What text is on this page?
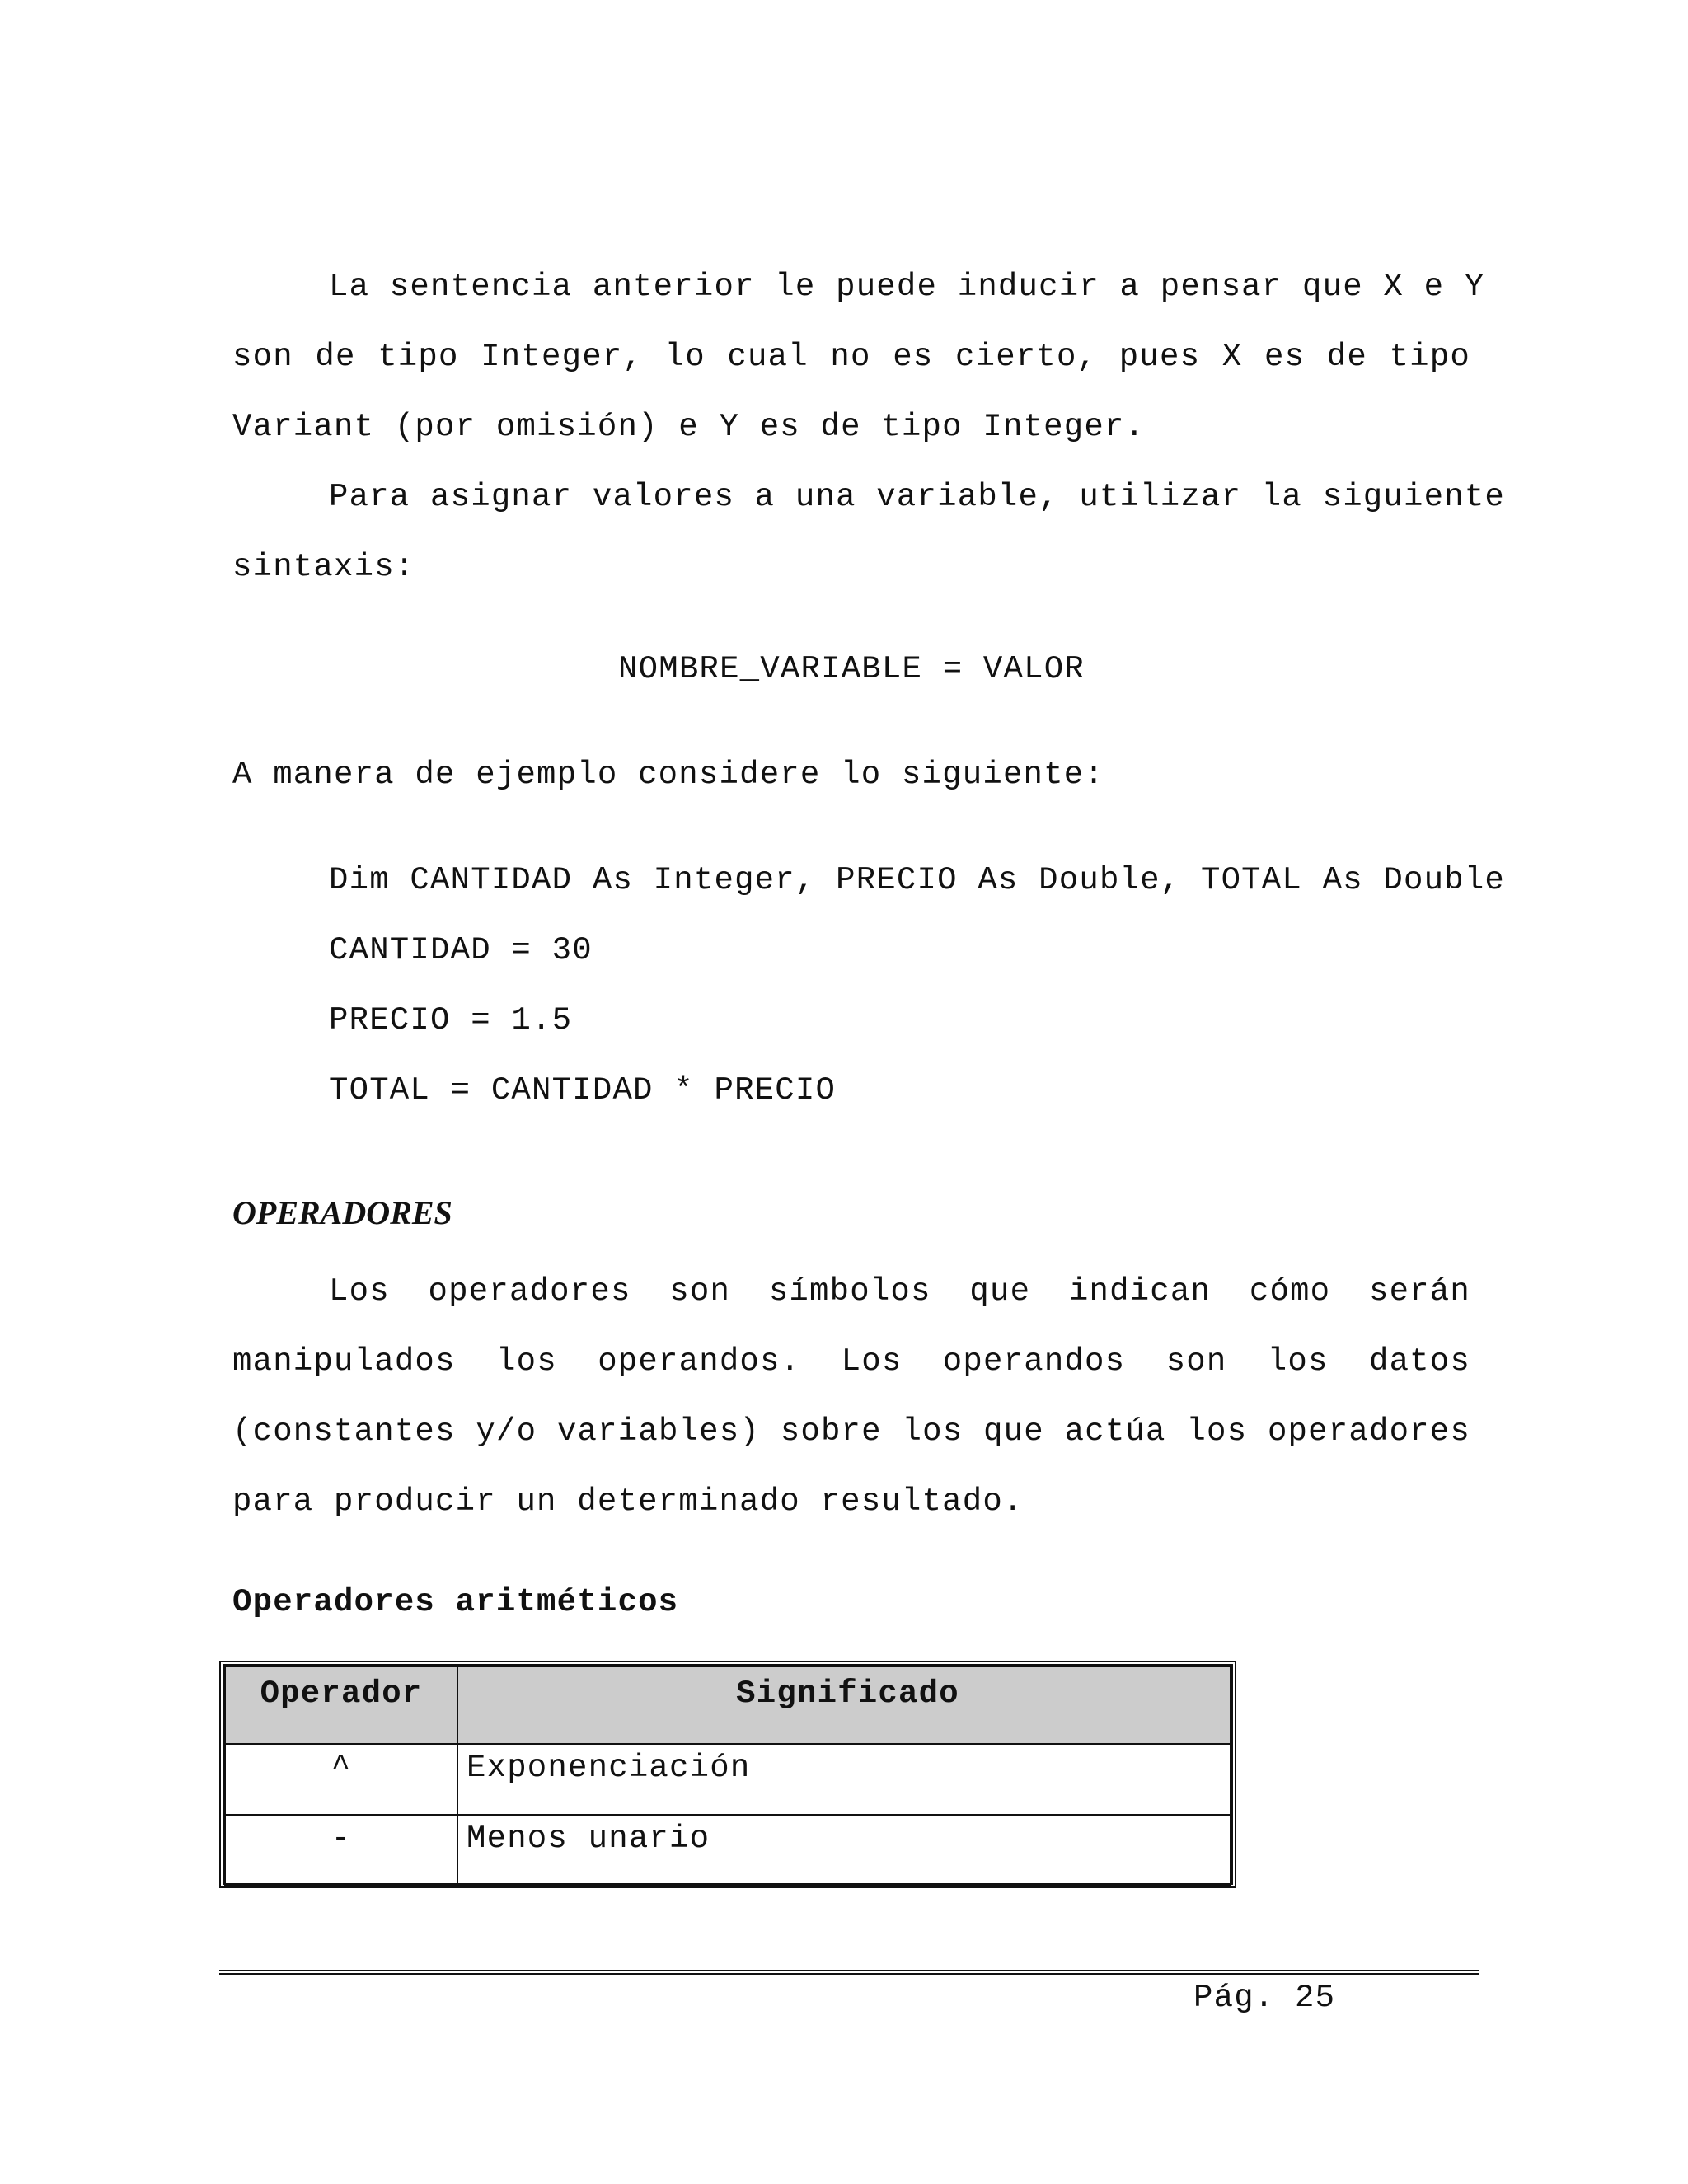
La sentencia anterior le puede inducir a pensar que X e Y
son de tipo Integer, lo cual no es cierto, pues X es de tipo
Variant (por omisión) e Y es de tipo Integer.
Para asignar valores a una variable, utilizar la siguiente
sintaxis:
NOMBRE_VARIABLE = VALOR
A manera de ejemplo considere lo siguiente:
Dim CANTIDAD As Integer, PRECIO As Double, TOTAL As Double
CANTIDAD = 30
PRECIO = 1.5
TOTAL = CANTIDAD * PRECIO
OPERADORES
Los operadores son símbolos que indican cómo serán
manipulados los operandos. Los operandos son los datos
(constantes y/o variables) sobre los que actúa los operadores
para producir un determinado resultado.
Operadores aritméticos
Operador	Significado
^	Exponenciación
-	Menos unario
Pág. 25
